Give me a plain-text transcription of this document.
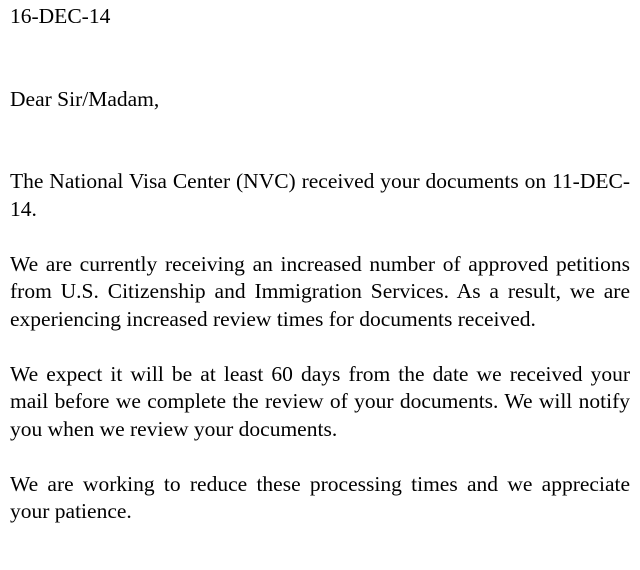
16-DEC-14
Dear Sir/Madam,

The National Visa Center (NVC) received your documents on 11-DEC-14.

We are currently receiving an increased number of approved petitions from U.S. Citizenship and Immigration Services. As a result, we are experiencing increased review times for documents received.

We expect it will be at least 60 days from the date we received your mail before we complete the review of your documents. We will notify you when we review your documents.

We are working to reduce these processing times and we appreciate your patience.
